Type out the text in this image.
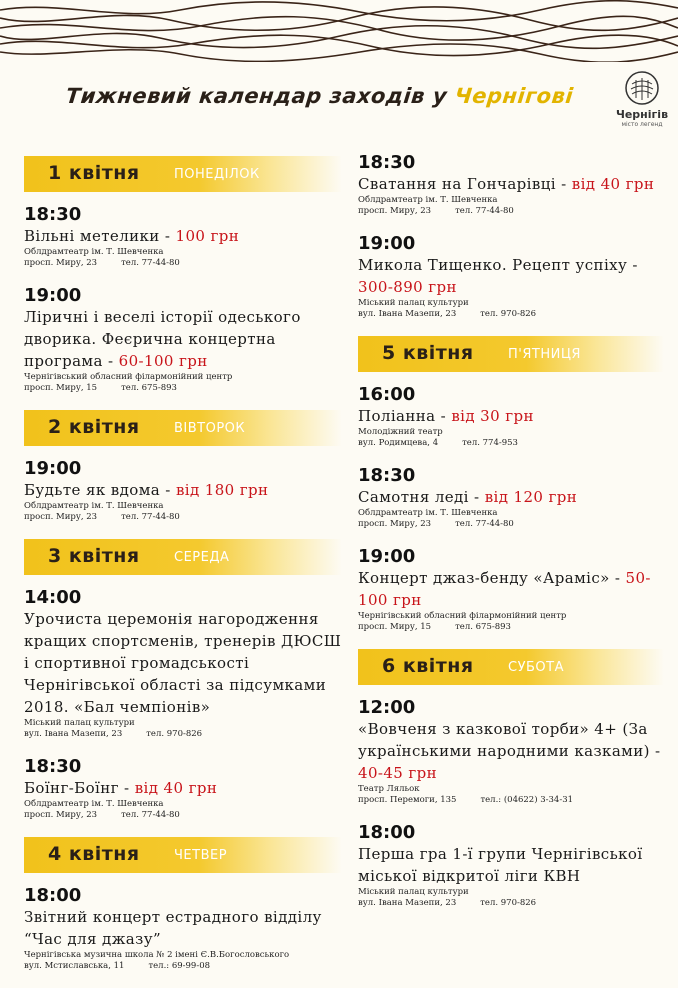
Тижневий календар заходів у Чернігові
Чернігів
місто легенд
1 квітня	ПОНЕДІЛОК
18:30
Вільні метелики - 100 грн
Облдрамтеатр ім. Т. Шевченка
просп. Миру, 23	тел. 77-44-80
19:00
Ліричні і веселі історії одеського дворика. Феєрична концертна програма - 60-100 грн
Чернігівський обласний філармонійний центр
просп. Миру, 15	тел. 675-893
2 квітня	ВІВТОРОК
19:00
Будьте як вдома - від 180 грн
Облдрамтеатр ім. Т. Шевченка
просп. Миру, 23	тел. 77-44-80
3 квітня	СЕРЕДА
14:00
Урочиста церемонія нагородження кращих спортсменів, тренерів ДЮСШ і спортивної громадськості Чернігівської області за підсумками 2018. «Бал чемпіонів»
Міський палац культури
вул. Івана Мазепи, 23	тел. 970-826
18:30
Боїнг-Боїнг - від 40 грн
Облдрамтеатр ім. Т. Шевченка
просп. Миру, 23	тел. 77-44-80
4 квітня	ЧЕТВЕР
18:00
Звітний концерт естрадного відділу “Час для джазу”
Чернігівська музична школа № 2 імені Є.В.Богословського
вул. Мстиславська, 11	тел.: 69-99-08
18:30
Сватання на Гончарівці - від 40 грн
Облдрамтеатр ім. Т. Шевченка
просп. Миру, 23	тел. 77-44-80
19:00
Микола Тищенко. Рецепт успіху - 300-890 грн
Міський палац культури
вул. Івана Мазепи, 23	тел. 970-826
5 квітня	П'ЯТНИЦЯ
16:00
Поліанна - від 30 грн
Молодіжний театр
вул. Родимцева, 4	тел. 774-953
18:30
Самотня леді - від 120 грн
Облдрамтеатр ім. Т. Шевченка
просп. Миру, 23	тел. 77-44-80
19:00
Концерт джаз-бенду «Араміс» - 50-100 грн
Чернігівський обласний філармонійний центр
просп. Миру, 15	тел. 675-893
6 квітня	СУБОТА
12:00
«Вовченя з казкової торби» 4+ (За українськими народними казками) - 40-45 грн
Театр Ляльок
просп. Перемоги, 135	тел.: (04622) 3-34-31
18:00
Перша гра 1-ї групи Чернігівської міської відкритої ліги КВН
Міський палац культури
вул. Івана Мазепи, 23	тел. 970-826
